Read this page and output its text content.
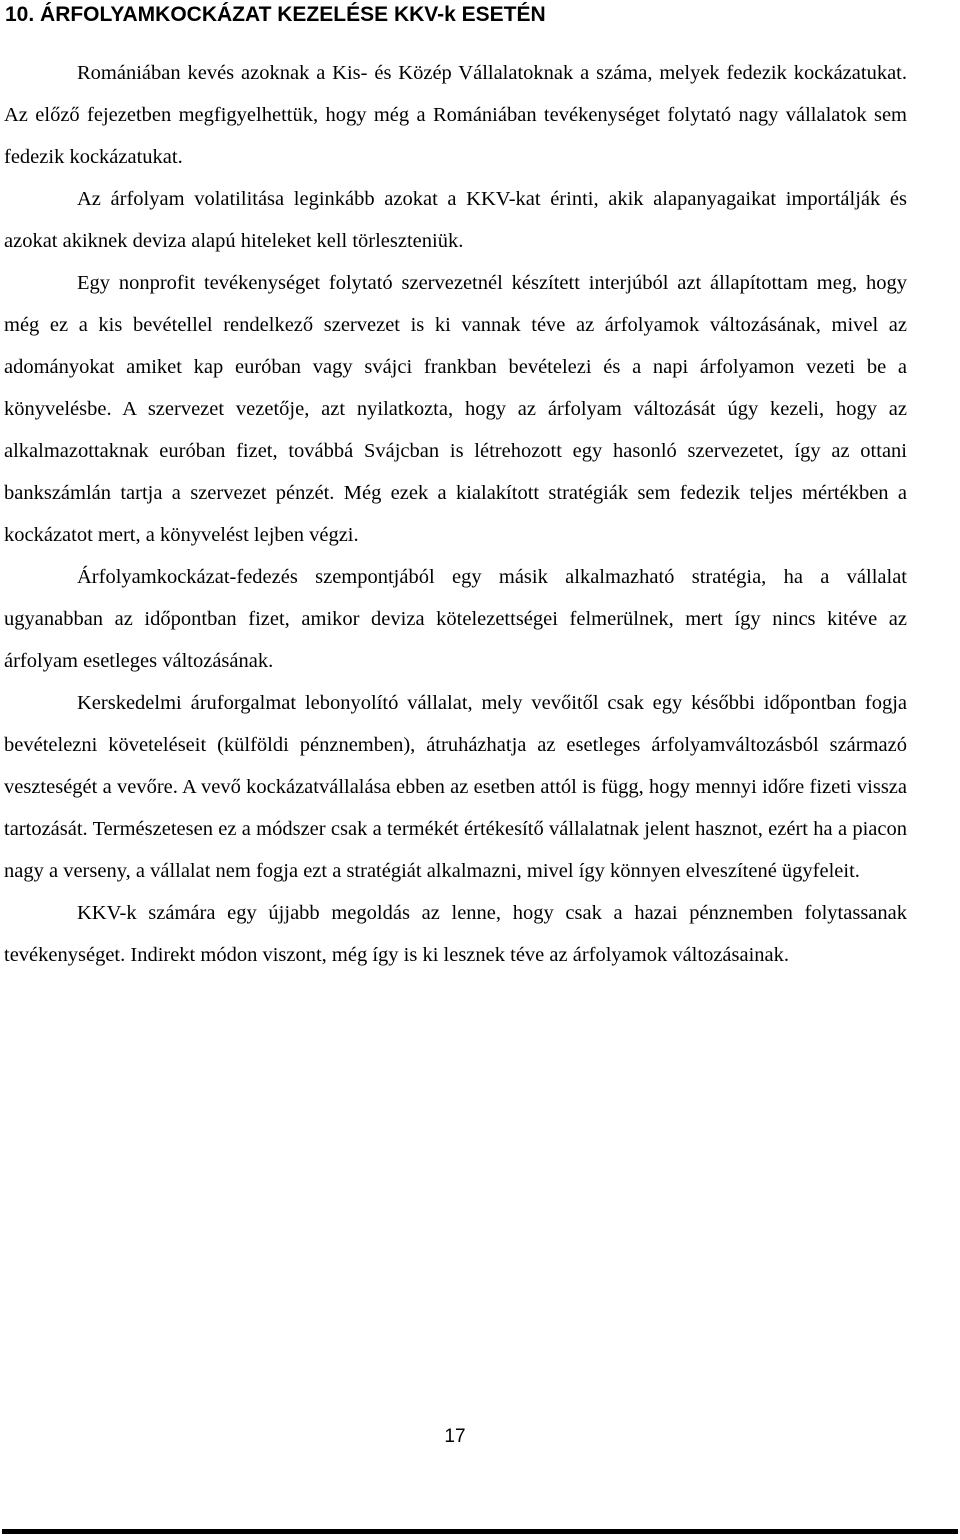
10. ÁRFOLYAMKOCKÁZAT KEZELÉSE KKV-k ESETÉN

Romániában kevés azoknak a Kis- és Közép Vállalatoknak a száma, melyek fedezik kockázatukat. Az előző fejezetben megfigyelhettük, hogy még a Romániában tevékenységet folytató nagy vállalatok sem fedezik kockázatukat.

Az árfolyam volatilitása leginkább azokat a KKV-kat érinti, akik alapanyagaikat importálják és azokat akiknek deviza alapú hiteleket kell törleszteniük.

Egy nonprofit tevékenységet folytató szervezetnél készített interjúból azt állapítottam meg, hogy még ez a kis bevétellel rendelkező szervezet is ki vannak téve az árfolyamok változásának, mivel az adományokat amiket kap euróban vagy svájci frankban bevételezi és a napi árfolyamon vezeti be a könyvelésbe. A szervezet vezetője, azt nyilatkozta, hogy az árfolyam változását úgy kezeli, hogy az alkalmazottaknak euróban fizet, továbbá Svájcban is létrehozott egy hasonló szervezetet, így az ottani bankszámlán tartja a szervezet pénzét. Még ezek a kialakított stratégiák sem fedezik teljes mértékben a kockázatot mert, a könyvelést lejben végzi.

Árfolyamkockázat-fedezés szempontjából egy másik alkalmazható stratégia, ha a vállalat ugyanabban az időpontban fizet, amikor deviza kötelezettségei felmerülnek, mert így nincs kitéve az árfolyam esetleges változásának.

Kerskedelmi áruforgalmat lebonyolító vállalat, mely vevőitől csak egy későbbi időpontban fogja bevételezni követeléseit (külföldi pénznemben), átruházhatja az esetleges árfolyamváltozásból származó veszteségét a vevőre. A vevő kockázatvállalása ebben az esetben attól is függ, hogy mennyi időre fizeti vissza tartozását. Természetesen ez a módszer csak a termékét értékesítő vállalatnak jelent hasznot, ezért ha a piacon nagy a verseny, a vállalat nem fogja ezt a stratégiát alkalmazni, mivel így könnyen elveszítené ügyfeleit.

KKV-k számára egy újjabb megoldás az lenne, hogy csak a hazai pénznemben folytassanak tevékenységet. Indirekt módon viszont, még így is ki lesznek téve az árfolyamok változásainak.

17
